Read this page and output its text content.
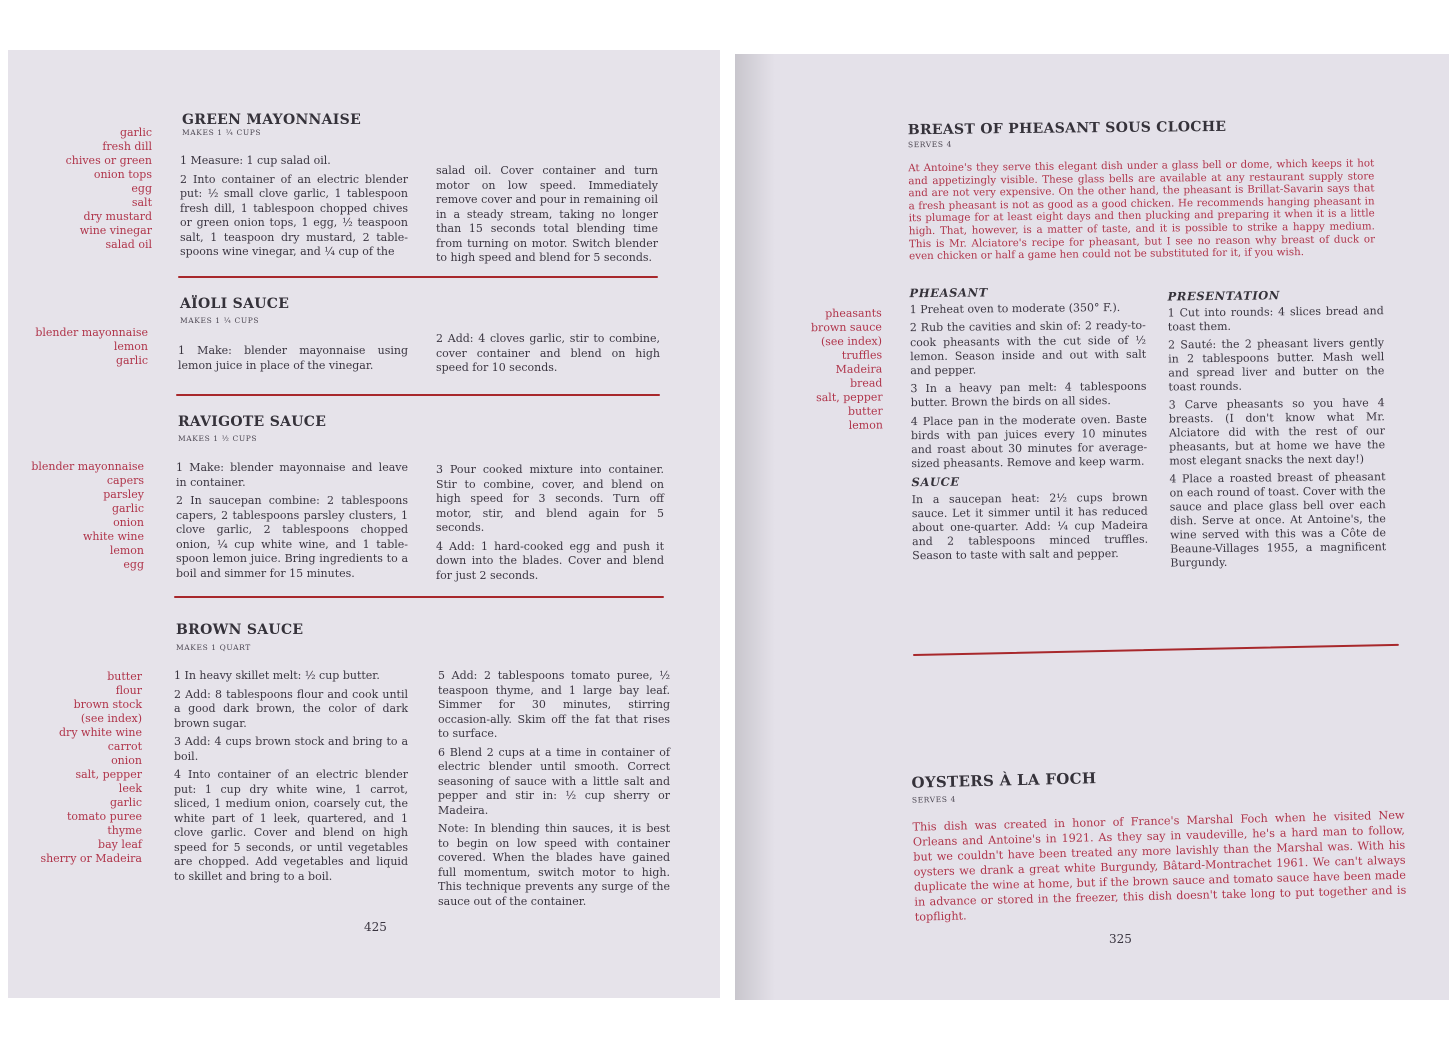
GREEN MAYONNAISE
MAKES 1 ¼ CUPS
garlic
fresh dill
chives or green
onion tops
egg
salt
dry mustard
wine vinegar
salad oil

1 Measure: 1 cup salad oil.

2 Into container of an electric blender put: ½ small clove garlic, 1 tablespoon fresh dill, 1 tablespoon chopped chives or green onion tops, 1 egg, ½ teaspoon salt, 1 teaspoon dry mustard, 2 table-spoons wine vinegar, and ¼ cup of the

salad oil. Cover container and turn motor on low speed. Immediately remove cover and pour in remaining oil in a steady stream, taking no longer than 15 seconds total blending time from turning on motor. Switch blender to high speed and blend for 5 seconds.

AÏOLI SAUCE
MAKES 1 ¼ CUPS
blender mayonnaise
lemon
garlic

1 Make: blender mayonnaise using lemon juice in place of the vinegar.

2 Add: 4 cloves garlic, stir to combine, cover container and blend on high speed for 10 seconds.

RAVIGOTE SAUCE
MAKES 1 ½ CUPS
blender mayonnaise
capers
parsley
garlic
onion
white wine
lemon
egg

1 Make: blender mayonnaise and leave in container.

2 In saucepan combine: 2 tablespoons capers, 2 tablespoons parsley clusters, 1 clove garlic, 2 tablespoons chopped onion, ¼ cup white wine, and 1 table-spoon lemon juice. Bring ingredients to a boil and simmer for 15 minutes.

3 Pour cooked mixture into container. Stir to combine, cover, and blend on high speed for 3 seconds. Turn off motor, stir, and blend again for 5 seconds.

4 Add: 1 hard-cooked egg and push it down into the blades. Cover and blend for just 2 seconds.

BROWN SAUCE
MAKES 1 QUART
butter
flour
brown stock
(see index)
dry white wine
carrot
onion
salt, pepper
leek
garlic
tomato puree
thyme
bay leaf
sherry or Madeira

1 In heavy skillet melt: ½ cup butter.

2 Add: 8 tablespoons flour and cook until a good dark brown, the color of dark brown sugar.

3 Add: 4 cups brown stock and bring to a boil.

4 Into container of an electric blender put: 1 cup dry white wine, 1 carrot, sliced, 1 medium onion, coarsely cut, the white part of 1 leek, quartered, and 1 clove garlic. Cover and blend on high speed for 5 seconds, or until vegetables are chopped. Add vegetables and liquid to skillet and bring to a boil.

5 Add: 2 tablespoons tomato puree, ½ teaspoon thyme, and 1 large bay leaf. Simmer for 30 minutes, stirring occasion-ally. Skim off the fat that rises to surface.

6 Blend 2 cups at a time in container of electric blender until smooth. Correct seasoning of sauce with a little salt and pepper and stir in: ½ cup sherry or Madeira.

Note: In blending thin sauces, it is best to begin on low speed with container covered. When the blades have gained full momentum, switch motor to high. This technique prevents any surge of the sauce out of the container.

425
BREAST OF PHEASANT SOUS CLOCHE
SERVES 4
At Antoine's they serve this elegant dish under a glass bell or dome, which keeps it hot and appetizingly visible. These glass bells are available at any restaurant supply store and are not very expensive. On the other hand, the pheasant is Brillat-Savarin says that a fresh pheasant is not as good as a good chicken. He recommends hanging pheasant in its plumage for at least eight days and then plucking and preparing it when it is a little high. That, however, is a matter of taste, and it is possible to strike a happy medium. This is Mr. Alciatore's recipe for pheasant, but I see no reason why breast of duck or even chicken or half a game hen could not be substituted for it, if you wish.
pheasants
brown sauce
(see index)
truffles
Madeira
bread
salt, pepper
butter
lemon
PHEASANT

1 Preheat oven to moderate (350° F.).

2 Rub the cavities and skin of: 2 ready-to-cook pheasants with the cut side of ½ lemon. Season inside and out with salt and pepper.

3 In a heavy pan melt: 4 tablespoons butter. Brown the birds on all sides.

4 Place pan in the moderate oven. Baste birds with pan juices every 10 minutes and roast about 30 minutes for average-sized pheasants. Remove and keep warm.

SAUCE

In a saucepan heat: 2½ cups brown sauce. Let it simmer until it has reduced about one-quarter. Add: ¼ cup Madeira and 2 tablespoons minced truffles. Season to taste with salt and pepper.

PRESENTATION

1 Cut into rounds: 4 slices bread and toast them.

2 Sauté: the 2 pheasant livers gently in 2 tablespoons butter. Mash well and spread liver and butter on the toast rounds.

3 Carve pheasants so you have 4 breasts. (I don't know what Mr. Alciatore did with the rest of our pheasants, but at home we have the most elegant snacks the next day!)

4 Place a roasted breast of pheasant on each round of toast. Cover with the sauce and place glass bell over each dish. Serve at once. At Antoine's, the wine served with this was a Côte de Beaune-Villages 1955, a magnificent Burgundy.

OYSTERS À LA FOCH
SERVES 4
This dish was created in honor of France's Marshal Foch when he visited New Orleans and Antoine's in 1921. As they say in vaudeville, he's a hard man to follow, but we couldn't have been treated any more lavishly than the Marshal was. With his oysters we drank a great white Burgundy, Bâtard-Montrachet 1961. We can't always duplicate the wine at home, but if the brown sauce and tomato sauce have been made in advance or stored in the freezer, this dish doesn't take long to put together and is topflight.
325
